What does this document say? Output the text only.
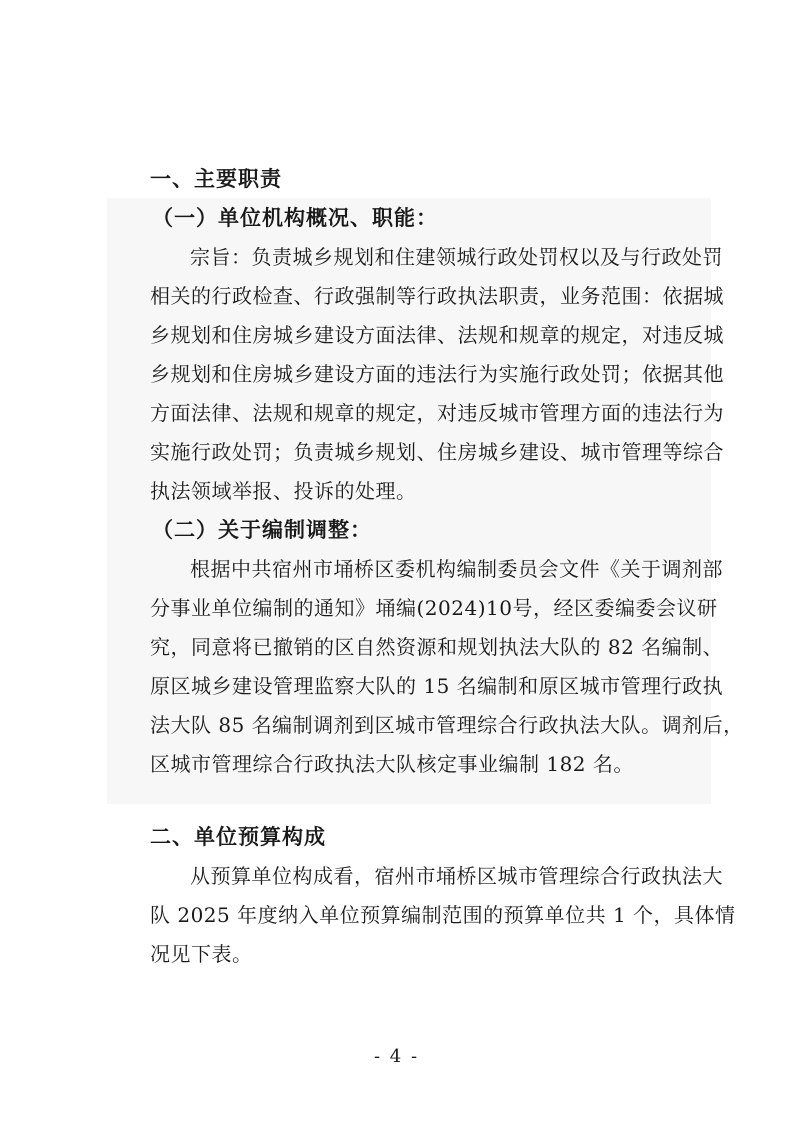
一、主要职责

（一）单位机构概况、职能：

宗旨：负责城乡规划和住建领城行政处罚权以及与行政处罚
相关的行政检查、行政强制等行政执法职责，业务范围：依据城
乡规划和住房城乡建设方面法律、法规和规章的规定，对违反城
乡规划和住房城乡建设方面的违法行为实施行政处罚；依据其他
方面法律、法规和规章的规定，对违反城市管理方面的违法行为
实施行政处罚；负责城乡规划、住房城乡建设、城市管理等综合
执法领域举报、投诉的处理。

（二）关于编制调整：

根据中共宿州市埇桥区委机构编制委员会文件《关于调剂部
分事业单位编制的通知》埇编(2024)10号，经区委编委会议研
究，同意将已撤销的区自然资源和规划执法大队的 82 名编制、
原区城乡建设管理监察大队的 15 名编制和原区城市管理行政执
法大队 85 名编制调剂到区城市管理综合行政执法大队。调剂后，
区城市管理综合行政执法大队核定事业编制 182 名。

二、单位预算构成

从预算单位构成看，宿州市埇桥区城市管理综合行政执法大
队 2025 年度纳入单位预算编制范围的预算单位共 1 个，具体情
况见下表。
- 4 -
